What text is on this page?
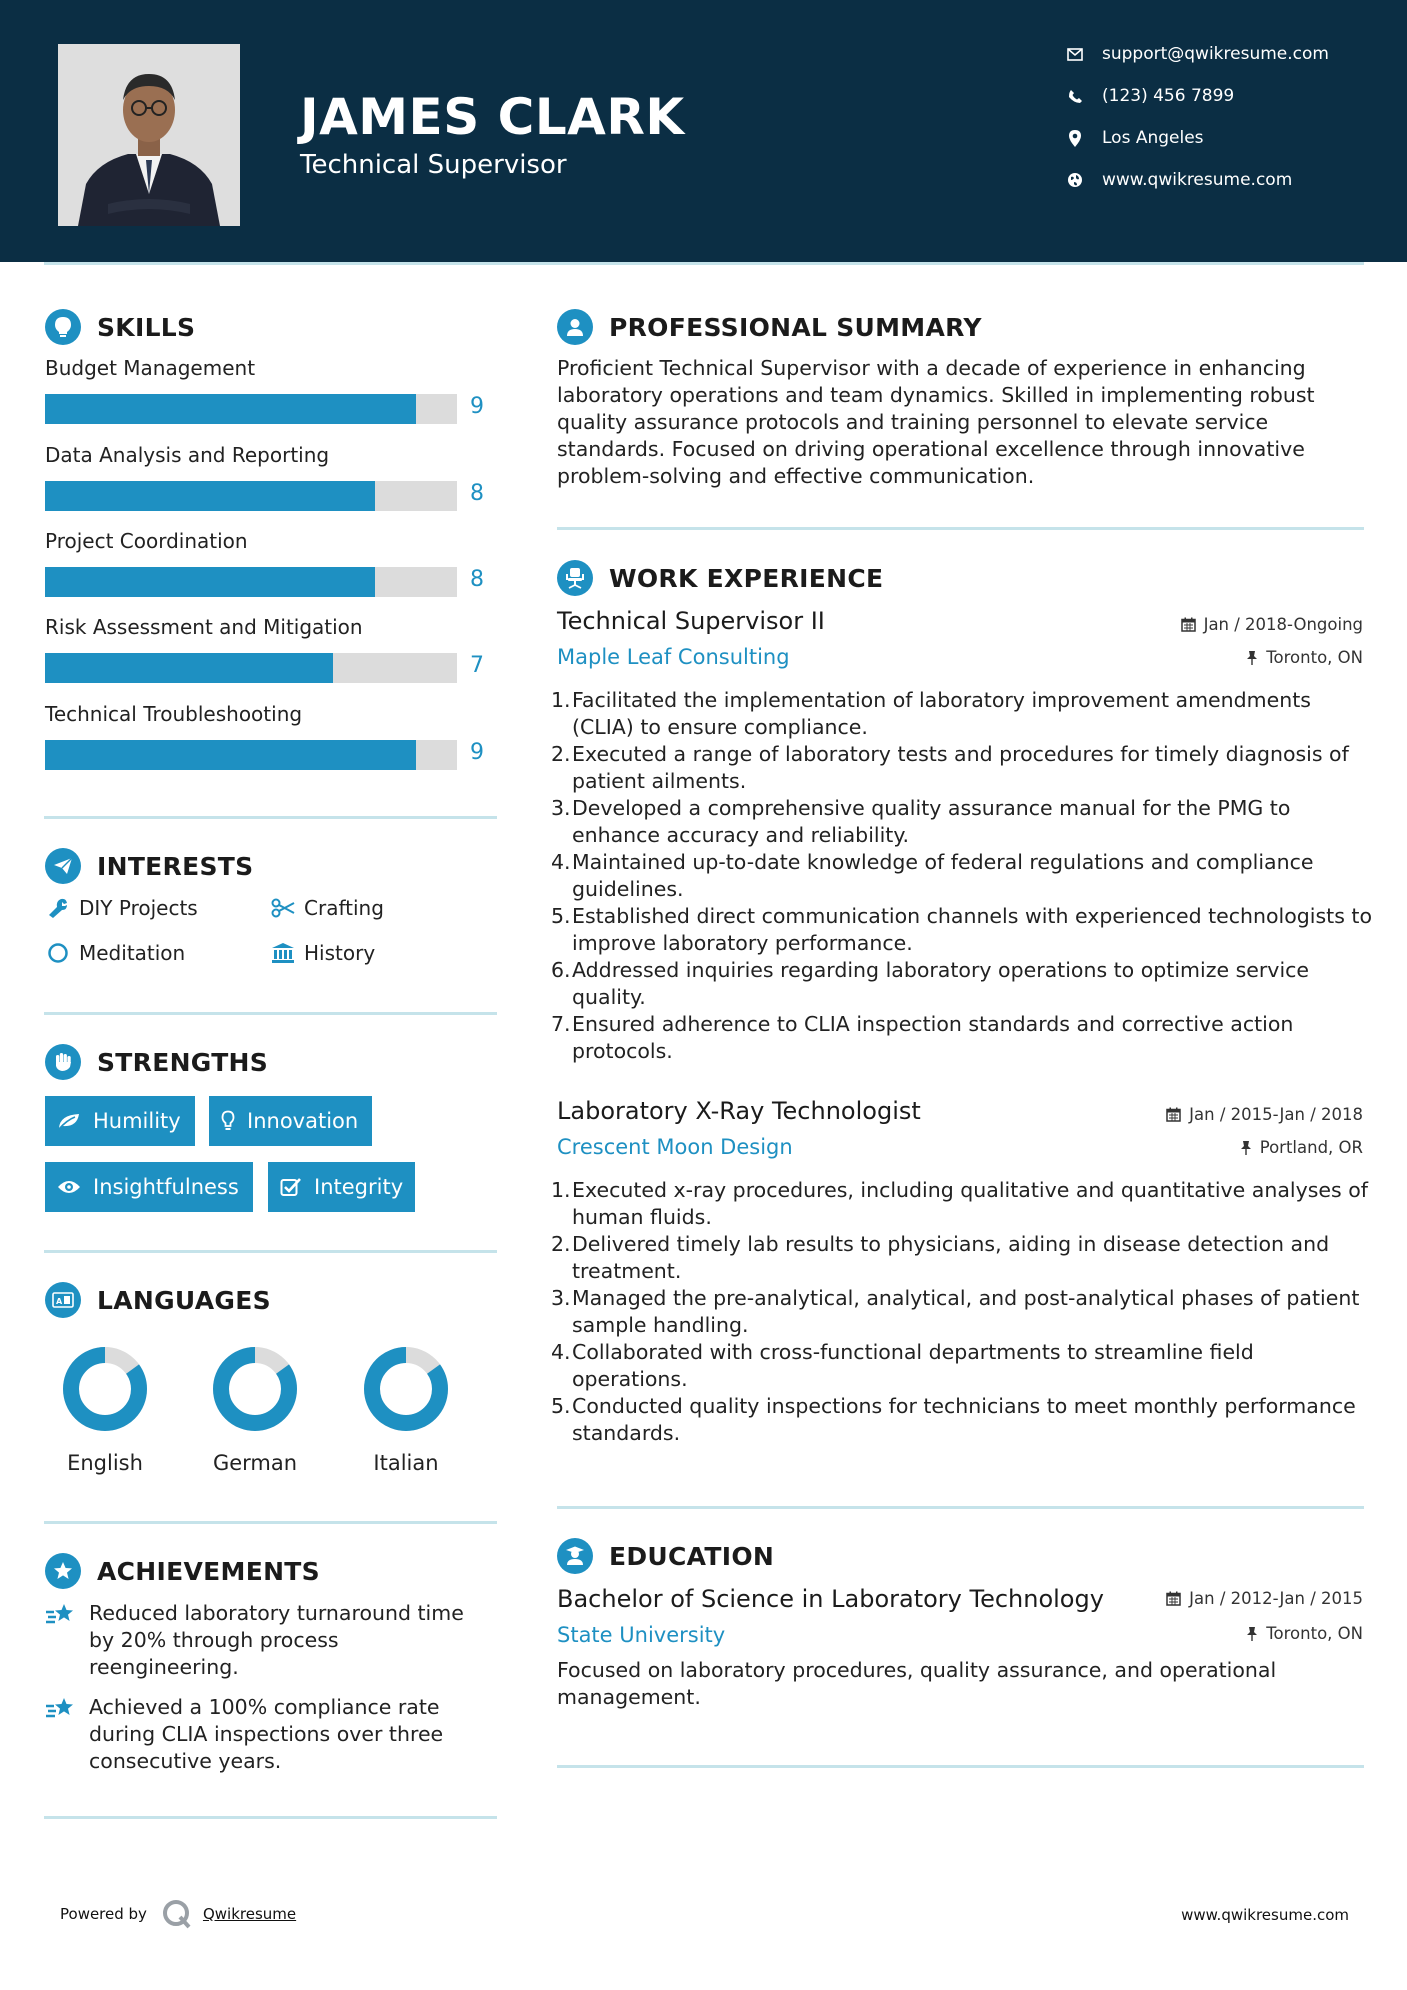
JAMES CLARK
Technical Supervisor
support@qwikresume.com
(123) 456 7899
Los Angeles
www.qwikresume.com
SKILLS
Budget Management
9
Data Analysis and Reporting
8
Project Coordination
8
Risk Assessment and Mitigation
7
Technical Troubleshooting
9
INTERESTS
DIY Projects	Crafting
Meditation	History
STRENGTHS
Humility	Innovation
Insightfulness	Integrity
A LANGUAGES
English	German	Italian
ACHIEVEMENTS
Reduced laboratory turnaround time by 20% through process reengineering.
Achieved a 100% compliance rate during CLIA inspections over three consecutive years.
PROFESSIONAL SUMMARY
Proficient Technical Supervisor with a decade of experience in enhancing laboratory operations and team dynamics. Skilled in implementing robust quality assurance protocols and training personnel to elevate service standards. Focused on driving operational excellence through innovative problem-solving and effective communication.
WORK EXPERIENCE
Technical Supervisor II	Jan / 2018-Ongoing
Maple Leaf Consulting	Toronto, ON
1. Facilitated the implementation of laboratory improvement amendments (CLIA) to ensure compliance.
2. Executed a range of laboratory tests and procedures for timely diagnosis of patient ailments.
3. Developed a comprehensive quality assurance manual for the PMG to enhance accuracy and reliability.
4. Maintained up-to-date knowledge of federal regulations and compliance guidelines.
5. Established direct communication channels with experienced technologists to improve laboratory performance.
6. Addressed inquiries regarding laboratory operations to optimize service quality.
7. Ensured adherence to CLIA inspection standards and corrective action protocols.
Laboratory X-Ray Technologist	Jan / 2015-Jan / 2018
Crescent Moon Design	Portland, OR
1. Executed x-ray procedures, including qualitative and quantitative analyses of human fluids.
2. Delivered timely lab results to physicians, aiding in disease detection and treatment.
3. Managed the pre-analytical, analytical, and post-analytical phases of patient sample handling.
4. Collaborated with cross-functional departments to streamline field operations.
5. Conducted quality inspections for technicians to meet monthly performance standards.
EDUCATION
Bachelor of Science in Laboratory Technology	Jan / 2012-Jan / 2015
State University	Toronto, ON
Focused on laboratory procedures, quality assurance, and operational management.
Powered by	Qwikresume	www.qwikresume.com
